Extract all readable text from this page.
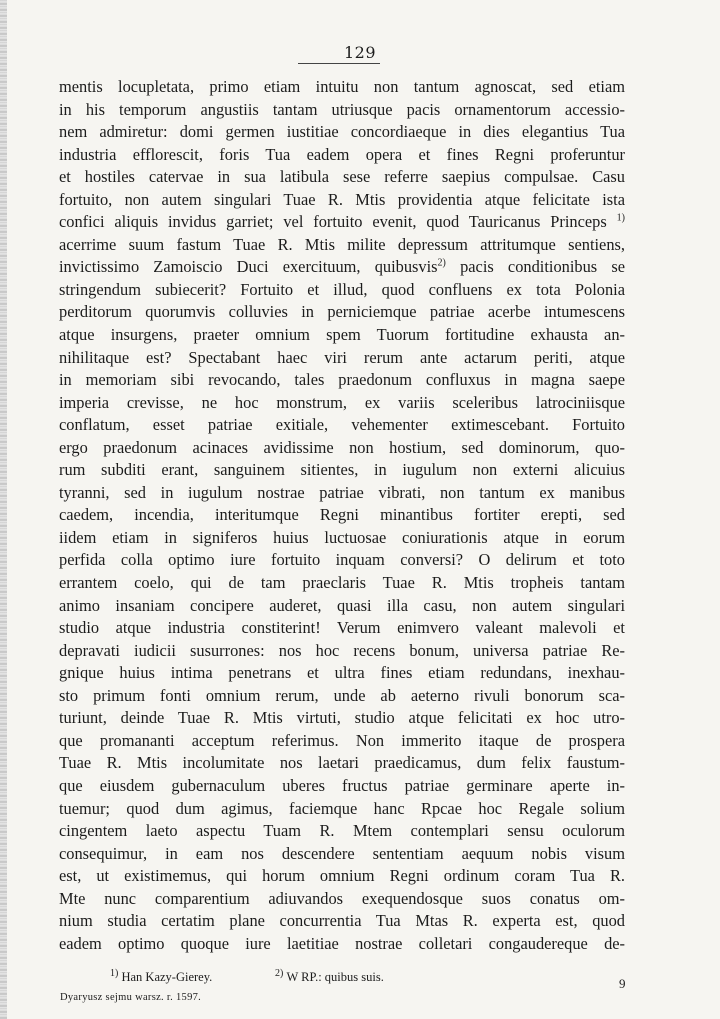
129
mentis locupletata, primo etiam intuitu non tantum agnoscat, sed etiam
in his temporum angustiis tantam utriusque pacis ornamentorum accessio-
nem admiretur: domi germen iustitiae concordiaeque in dies elegantius Tua
industria efflorescit, foris Tua eadem opera et fines Regni proferuntur
et hostiles catervae in sua latibula sese referre saepius compulsae. Casu
fortuito, non autem singulari Tuae R. Mtis providentia atque felicitate ista
confici aliquis invidus garriet; vel fortuito evenit, quod Tauricanus Princeps $^{1)}$
acerrime suum fastum Tuae R. Mtis milite depressum attritumque sentiens,
invictissimo Zamoiscio Duci exercituum, quibusvis$^{2)}$ pacis conditionibus se
stringendum subiecerit? Fortuito et illud, quod confluens ex tota Polonia
perditorum quorumvis colluvies in perniciemque patriae acerbe intumescens
atque insurgens, praeter omnium spem Tuorum fortitudine exhausta an-
nihilitaque est? Spectabant haec viri rerum ante actarum periti, atque
in memoriam sibi revocando, tales praedonum confluxus in magna saepe
imperia crevisse, ne hoc monstrum, ex variis sceleribus latrociniisque
conflatum, esset patriae exitiale, vehementer extimescebant. Fortuito
ergo praedonum acinaces avidissime non hostium, sed dominorum, quo-
rum subditi erant, sanguinem sitientes, in iugulum non externi alicuius
tyranni, sed in iugulum nostrae patriae vibrati, non tantum ex manibus
caedem, incendia, interitumque Regni minantibus fortiter erepti, sed
iidem etiam in signiferos huius luctuosae coniurationis atque in eorum
perfida colla optimo iure fortuito inquam conversi? O delirum et toto
errantem coelo, qui de tam praeclaris Tuae R. Mtis tropheis tantam
animo insaniam concipere auderet, quasi illa casu, non autem singulari
studio atque industria constiterint! Verum enimvero valeant malevoli et
depravati iudicii susurrones: nos hoc recens bonum, universa patriae Re-
gnique huius intima penetrans et ultra fines etiam redundans, inexhau-
sto primum fonti omnium rerum, unde ab aeterno rivuli bonorum sca-
turiunt, deinde Tuae R. Mtis virtuti, studio atque felicitati ex hoc utro-
que promananti acceptum referimus. Non immerito itaque de prospera
Tuae R. Mtis incolumitate nos laetari praedicamus, dum felix faustum-
que eiusdem gubernaculum uberes fructus patriae germinare aperte in-
tuemur; quod dum agimus, faciemque hanc Rpcae hoc Regale solium
cingentem laeto aspectu Tuam R. Mtem contemplari sensu oculorum
consequimur, in eam nos descendere sententiam aequum nobis visum
est, ut existimemus, qui horum omnium Regni ordinum coram Tua R.
Mte nunc comparentium adiuvandos exequendosque suos conatus om-
nium studia certatim plane concurrentia Tua Mtas R. experta est, quod
eadem optimo quoque iure laetitiae nostrae colletari congaudereque de-
$^{1)}$ Han Kazy-Gierey.	$^{2)}$ W RP.: quibus suis.
Dyaryusz sejmu warsz. r. 1597.
9
